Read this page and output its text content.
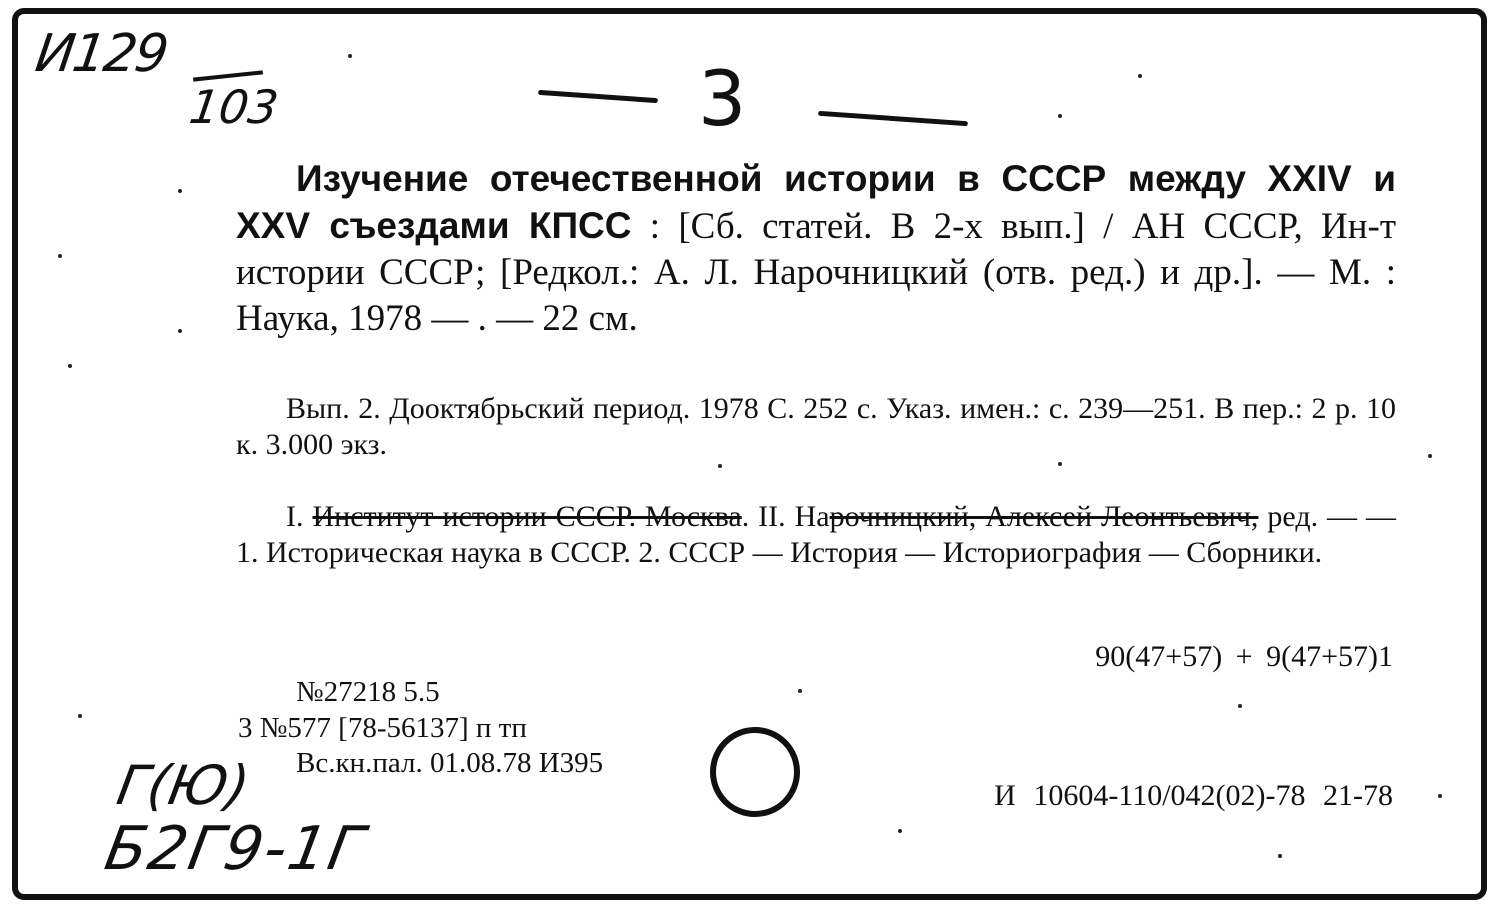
И129
103	3
Изучение отечественной истории в СССР между XXIV и XXV съездами КПСС : [Сб. статей. В 2-х вып.] / АН СССР, Ин-т истории СССР; [Редкол.: А. Л. Нарочницкий (отв. ред.) и др.]. — М. : Наука, 1978 — . — 22 см.
Вып. 2. Дооктябрьский период. 1978 С. 252 с. Указ. имен.: с. 239—251. В пер.: 2 р. 10 к. 3.000 экз.
I. Институт истории СССР. Москва. II. Нарочницкий, Алексей Леонтьевич, ред. — — 1. Историческая наука в СССР. 2. СССР — История — Историография — Сборники.
90(47+57) + 9(47+57)1
№27218 5.5
3 №577 [78-56137] п тп
Вс.кн.пал. 01.08.78 И395
И 10604-110/042(02)-78 21-78
Г(Ю)
Б2Г9-1Г
